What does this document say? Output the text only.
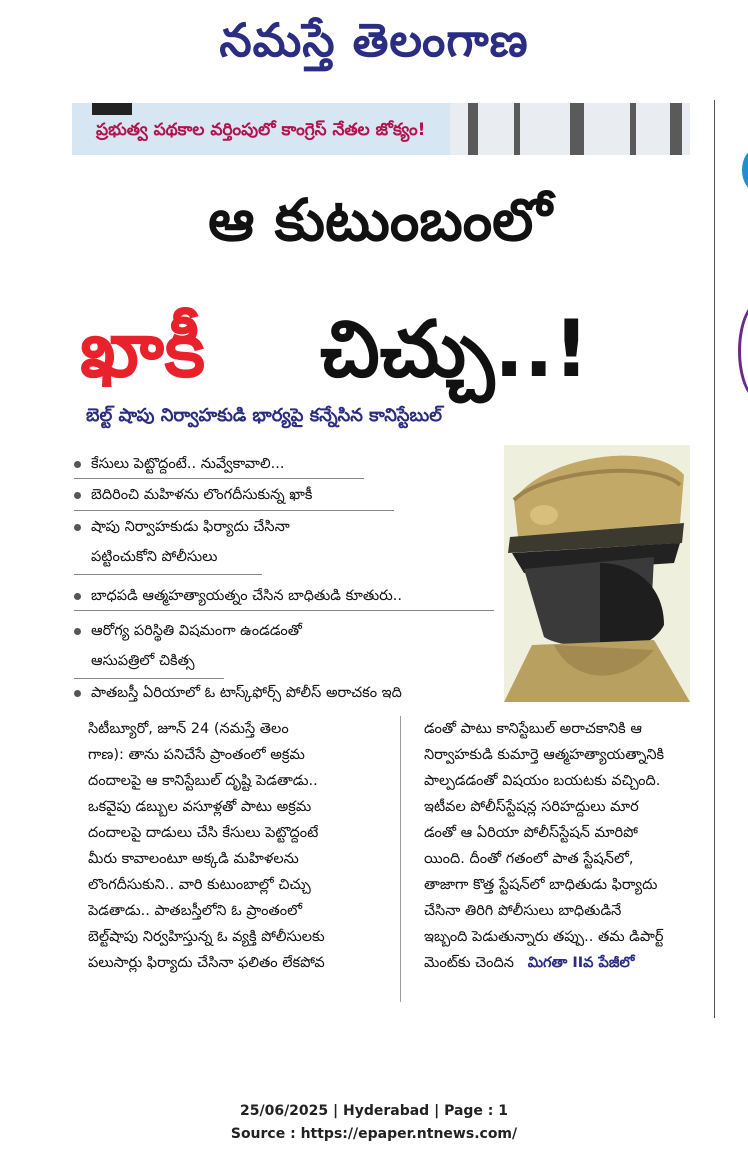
నమస్తే తెలంగాణ
ప్రభుత్వ పథకాల వర్తింపులో కాంగ్రెస్ నేతల జోక్యం!
ఆ కుటుంబంలో
ఖాకీ చిచ్చు..!
బెల్ట్ షాపు నిర్వాహకుడి భార్యపై కన్నేసిన కానిస్టేబుల్
కేసులు పెట్టొద్దంటే.. నువ్వేకావాలి...
బెదిరించి మహిళను లొంగదీసుకున్న ఖాకీ
షాపు నిర్వాహకుడు ఫిర్యాదు చేసినా
పట్టించుకోని పోలీసులు
బాధపడి ఆత్మహత్యాయత్నం చేసిన బాధితుడి కూతురు..
ఆరోగ్య పరిస్థితి విషమంగా ఉండడంతో
ఆసుపత్రిలో చికిత్స
పాతబస్తీ ఏరియాలో ఓ టాస్క్‌ఫోర్స్ పోలీస్ అరాచకం ఇది
సిటీబ్యూరో, జూన్ 24 (నమస్తే తెలం
గాణ): తాను పనిచేసే ప్రాంతంలో అక్రమ
దందాలపై ఆ కానిస్టేబుల్ దృష్టి పెడతాడు..
ఒకవైపు డబ్బుల వసూళ్లతో పాటు అక్రమ
దందాలపై దాడులు చేసి కేసులు పెట్టొద్దంటే
మీరు కావాలంటూ అక్కడి మహిళలను
లొంగదీసుకుని.. వారి కుటుంబాల్లో చిచ్చు
పెడతాడు.. పాతబస్తీలోని ఓ ప్రాంతంలో
బెల్ట్‌షాపు నిర్వహిస్తున్న ఓ వ్యక్తి పోలీసులకు
పలుసార్లు ఫిర్యాదు చేసినా ఫలితం లేకపోవ
డంతో పాటు కానిస్టేబుల్ అరాచకానికి ఆ
నిర్వాహకుడి కుమార్తె ఆత్మహత్యాయత్నానికి
పాల్పడడంతో విషయం బయటకు వచ్చింది.
ఇటీవల పోలీస్‌స్టేషన్ల సరిహద్దులు మార
డంతో ఆ ఏరియా పోలీస్‌స్టేషన్ మారిపో
యింది. దీంతో గతంలో పాత స్టేషన్‌లో,
తాజాగా కొత్త స్టేషన్‌లో బాధితుడు ఫిర్యాదు
చేసినా తిరిగి పోలీసులు బాధితుడినే
ఇబ్బంది పెడుతున్నారు తప్పు.. తమ డిపార్ట్
మెంట్‌కు చెందిన మిగతా IIవ పేజీలో
25/06/2025 | Hyderabad | Page : 1
Source : https://epaper.ntnews.com/
